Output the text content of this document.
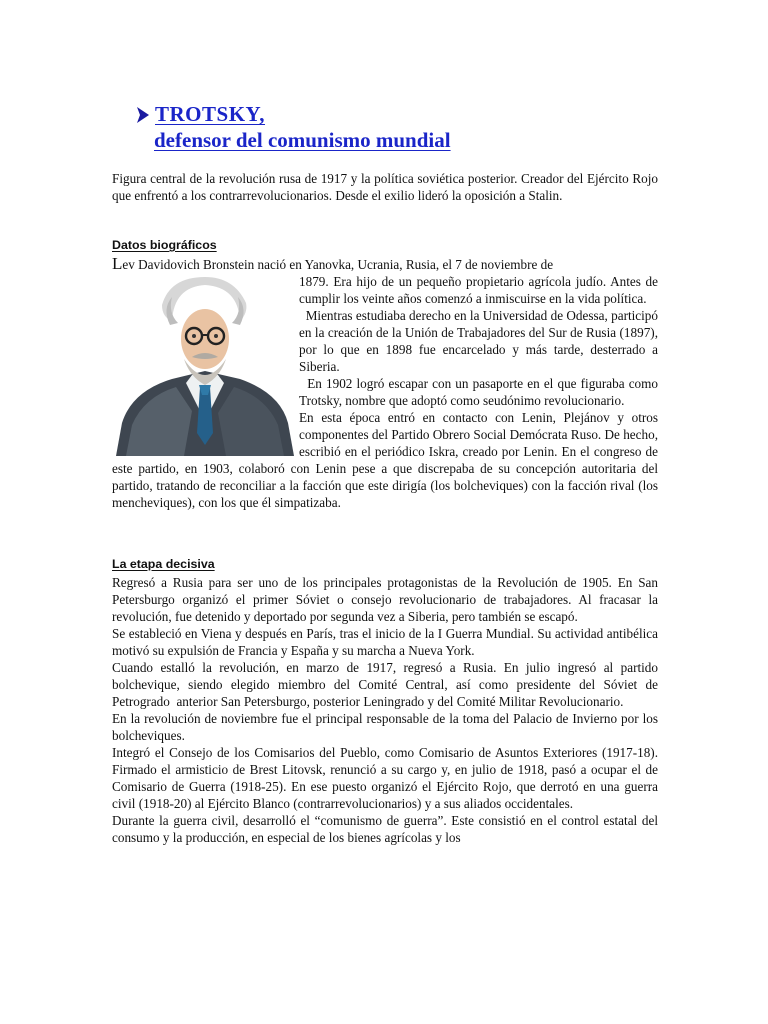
TROTSKY,
defensor del comunismo mundial

Figura central de la revolución rusa de 1917 y la política soviética posterior. Creador del Ejército Rojo que enfrentó a los contrarrevolucionarios. Desde el exilio lideró la oposición a Stalin.

Datos biográficos

Lev Davidovich Bronstein nació en Yanovka, Ucrania, Rusia, el 7 de noviembre de

1879. Era hijo de un pequeño propietario agrícola judío. Antes de cumplir los veinte años comenzó a inmiscuirse en la vida política.
Mientras estudiaba derecho en la Universidad de Odessa, participó en la creación de la Unión de Trabajadores del Sur de Rusia (1897), por lo que en 1898 fue encarcelado y más tarde, desterrado a Siberia.
En 1902 logró escapar con un pasaporte en el que figuraba como Trotsky, nombre que adoptó como seudónimo revolucionario.
En esta época entró en contacto con Lenin, Plejánov y otros componentes del Partido Obrero Social Demócrata Ruso. De hecho, escribió en el periódico Iskra, creado por Lenin. En el congreso de este partido, en 1903, colaboró con Lenin pese a que discrepaba de su concepción autoritaria del partido, tratando de reconciliar a la facción que este dirigía (los bolcheviques) con la facción rival (los mencheviques), con los que él simpatizaba.

La etapa decisiva

Regresó a Rusia para ser uno de los principales protagonistas de la Revolución de 1905. En San Petersburgo organizó el primer Sóviet o consejo revolucionario de trabajadores. Al fracasar la revolución, fue detenido y deportado por segunda vez a Siberia, pero también se escapó.
Se estableció en Viena y después en París, tras el inicio de la I Guerra Mundial. Su actividad antibélica motivó su expulsión de Francia y España y su marcha a Nueva York.
Cuando estalló la revolución, en marzo de 1917, regresó a Rusia. En julio ingresó al partido bolchevique, siendo elegido miembro del Comité Central, así como presidente del Sóviet de Petrogrado  anterior San Petersburgo, posterior Leningrado y del Comité Militar Revolucionario.
En la revolución de noviembre fue el principal responsable de la toma del Palacio de Invierno por los bolcheviques.
Integró el Consejo de los Comisarios del Pueblo, como Comisario de Asuntos Exteriores (1917-18). Firmado el armisticio de Brest Litovsk, renunció a su cargo y, en julio de 1918, pasó a ocupar el de Comisario de Guerra (1918-25). En ese puesto organizó el Ejército Rojo, que derrotó en una guerra civil (1918-20) al Ejército Blanco (contrarrevolucionarios) y a sus aliados occidentales.
Durante la guerra civil, desarrolló el “comunismo de guerra”. Este consistió en el control estatal del consumo y la producción, en especial de los bienes agrícolas y los
